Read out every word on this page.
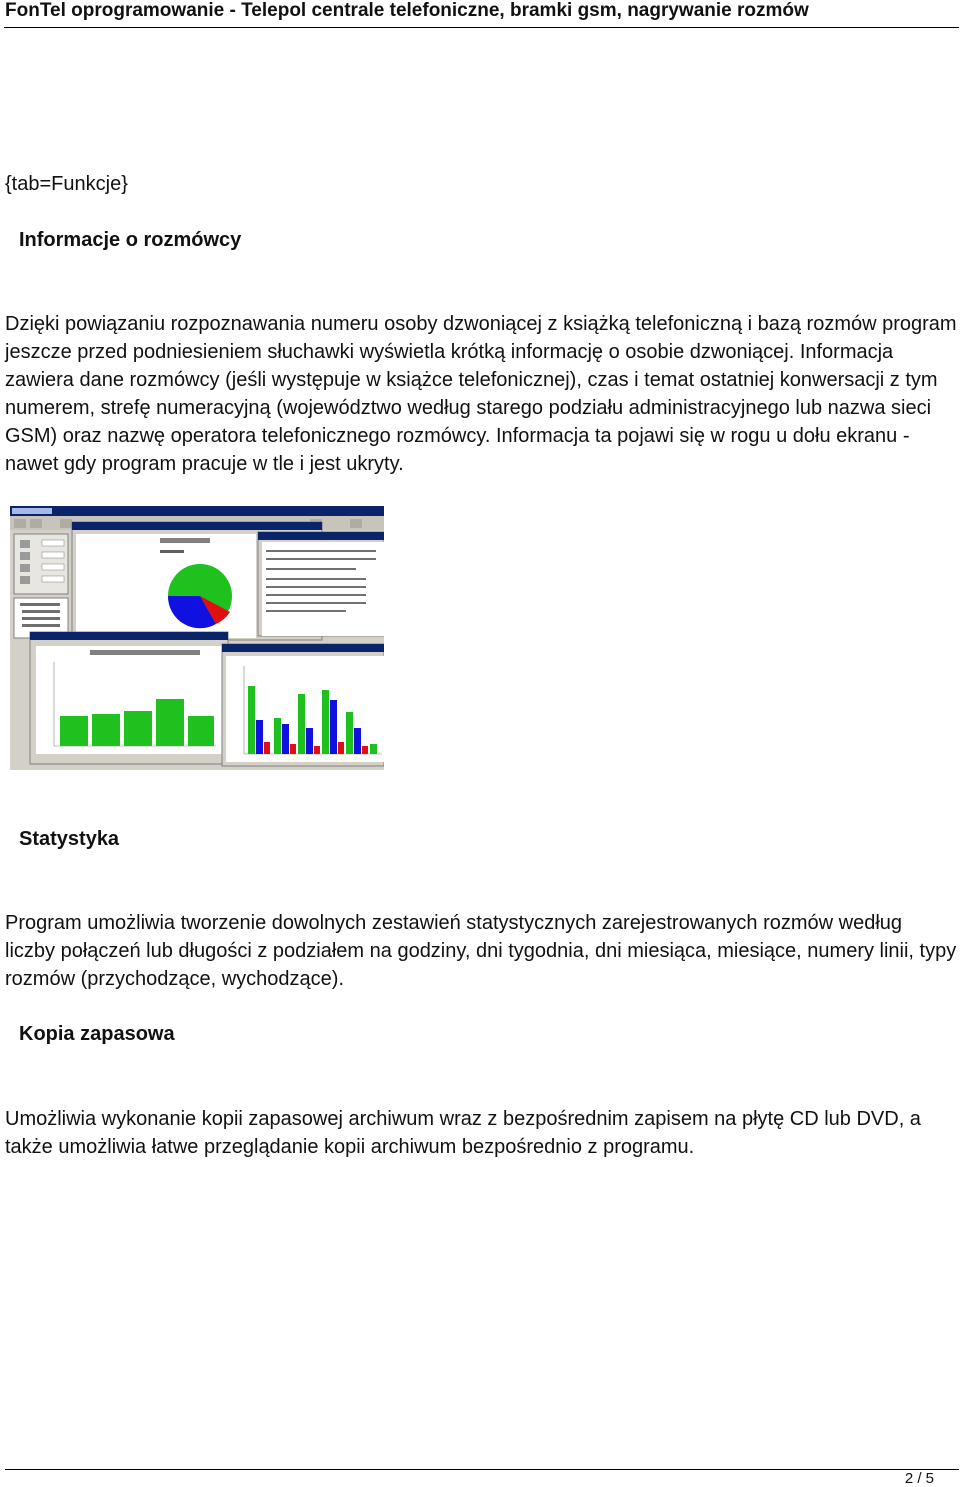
FonTel oprogramowanie - Telepol centrale telefoniczne, bramki gsm, nagrywanie rozmów
{tab=Funkcje}
Informacje o rozmówcy

Dzięki powiązaniu rozpoznawania numeru osoby dzwoniącej z książką telefoniczną i bazą rozmów program jeszcze przed podniesieniem słuchawki wyświetla krótką informację o osobie dzwoniącej. Informacja zawiera dane rozmówcy (jeśli występuje w książce telefonicznej), czas i temat ostatniej konwersacji z tym numerem, strefę numeracyjną (województwo według starego podziału administracyjnego lub nazwa sieci GSM) oraz nazwę operatora telefonicznego rozmówcy. Informacja ta pojawi się w rogu u dołu ekranu - nawet gdy program pracuje w tle i jest ukryty.

Statystyka

Program umożliwia tworzenie dowolnych zestawień statystycznych zarejestrowanych rozmów według liczby połączeń lub długości z podziałem na godziny, dni tygodnia, dni miesiąca, miesiące, numery linii, typy rozmów (przychodzące, wychodzące).

Kopia zapasowa

Umożliwia wykonanie kopii zapasowej archiwum wraz z bezpośrednim zapisem na płytę CD lub DVD, a także umożliwia łatwe przeglądanie kopii archiwum bezpośrednio z programu.

2 / 5
